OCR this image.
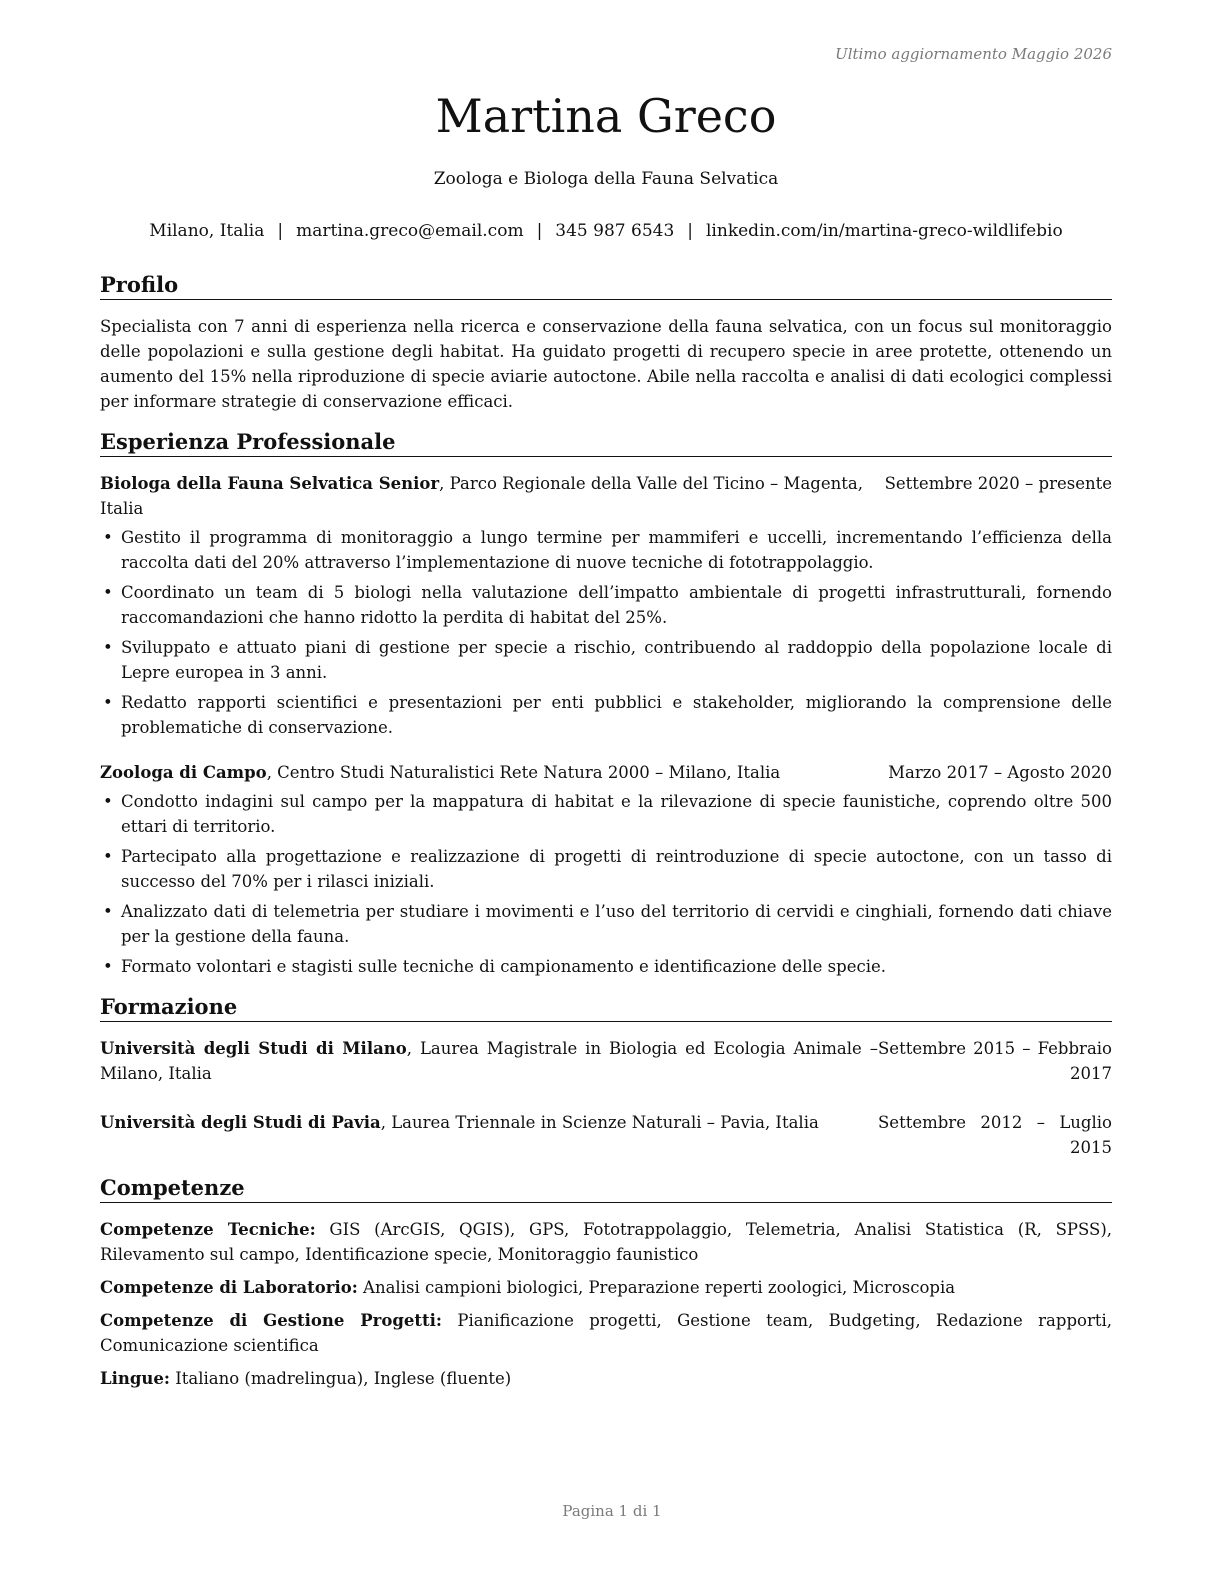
Ultimo aggiornamento Maggio 2026
Martina Greco
Zoologa e Biologa della Fauna Selvatica
Milano, Italia | martina.greco@email.com | 345 987 6543 | linkedin.com/in/martina-greco-wildlifebio
Profilo

Specialista con 7 anni di esperienza nella ricerca e conservazione della fauna selvatica, con un focus sul monitoraggio delle popolazioni e sulla gestione degli habitat. Ha guidato progetti di recupero specie in aree protette, ottenendo un aumento del 15% nella riproduzione di specie aviarie autoctone. Abile nella raccolta e analisi di dati ecologici complessi per informare strategie di conservazione efficaci.

Esperienza Professionale
Biologa della Fauna Selvatica Senior, Parco Regionale della Valle del Ticino – Magenta, Italia
Settembre 2020 – presente
• Gestito il programma di monitoraggio a lungo termine per mammiferi e uccelli, incrementando l’efficienza della raccolta dati del 20% attraverso l’implementazione di nuove tecniche di fototrappolaggio.
• Coordinato un team di 5 biologi nella valutazione dell’impatto ambientale di progetti infrastrutturali, fornendo raccomandazioni che hanno ridotto la perdita di habitat del 25%.
• Sviluppato e attuato piani di gestione per specie a rischio, contribuendo al raddoppio della popolazione locale di Lepre europea in 3 anni.
• Redatto rapporti scientifici e presentazioni per enti pubblici e stakeholder, migliorando la comprensione delle problematiche di conservazione.
Zoologa di Campo, Centro Studi Naturalistici Rete Natura 2000 – Milano, Italia	Marzo 2017 – Agosto 2020
• Condotto indagini sul campo per la mappatura di habitat e la rilevazione di specie faunistiche, coprendo oltre 500 ettari di territorio.
• Partecipato alla progettazione e realizzazione di progetti di reintroduzione di specie autoctone, con un tasso di successo del 70% per i rilasci iniziali.
• Analizzato dati di telemetria per studiare i movimenti e l’uso del territorio di cervidi e cinghiali, fornendo dati chiave per la gestione della fauna.
• Formato volontari e stagisti sulle tecniche di campionamento e identificazione delle specie.
Formazione
Università degli Studi di Milano, Laurea Magistrale in Biologia ed Ecologia Animale – Milano, Italia
Settembre 2015 – Febbraio 2017
Università degli Studi di Pavia, Laurea Triennale in Scienze Naturali – Pavia, Italia	Settembre 2012 – Luglio 2015
Competenze

Competenze Tecniche: GIS (ArcGIS, QGIS), GPS, Fototrappolaggio, Telemetria, Analisi Statistica (R, SPSS), Rilevamento sul campo, Identificazione specie, Monitoraggio faunistico

Competenze di Laboratorio: Analisi campioni biologici, Preparazione reperti zoologici, Microscopia

Competenze di Gestione Progetti: Pianificazione progetti, Gestione team, Budgeting, Redazione rapporti, Comunicazione scientifica

Lingue: Italiano (madrelingua), Inglese (fluente)

Pagina 1 di 1
